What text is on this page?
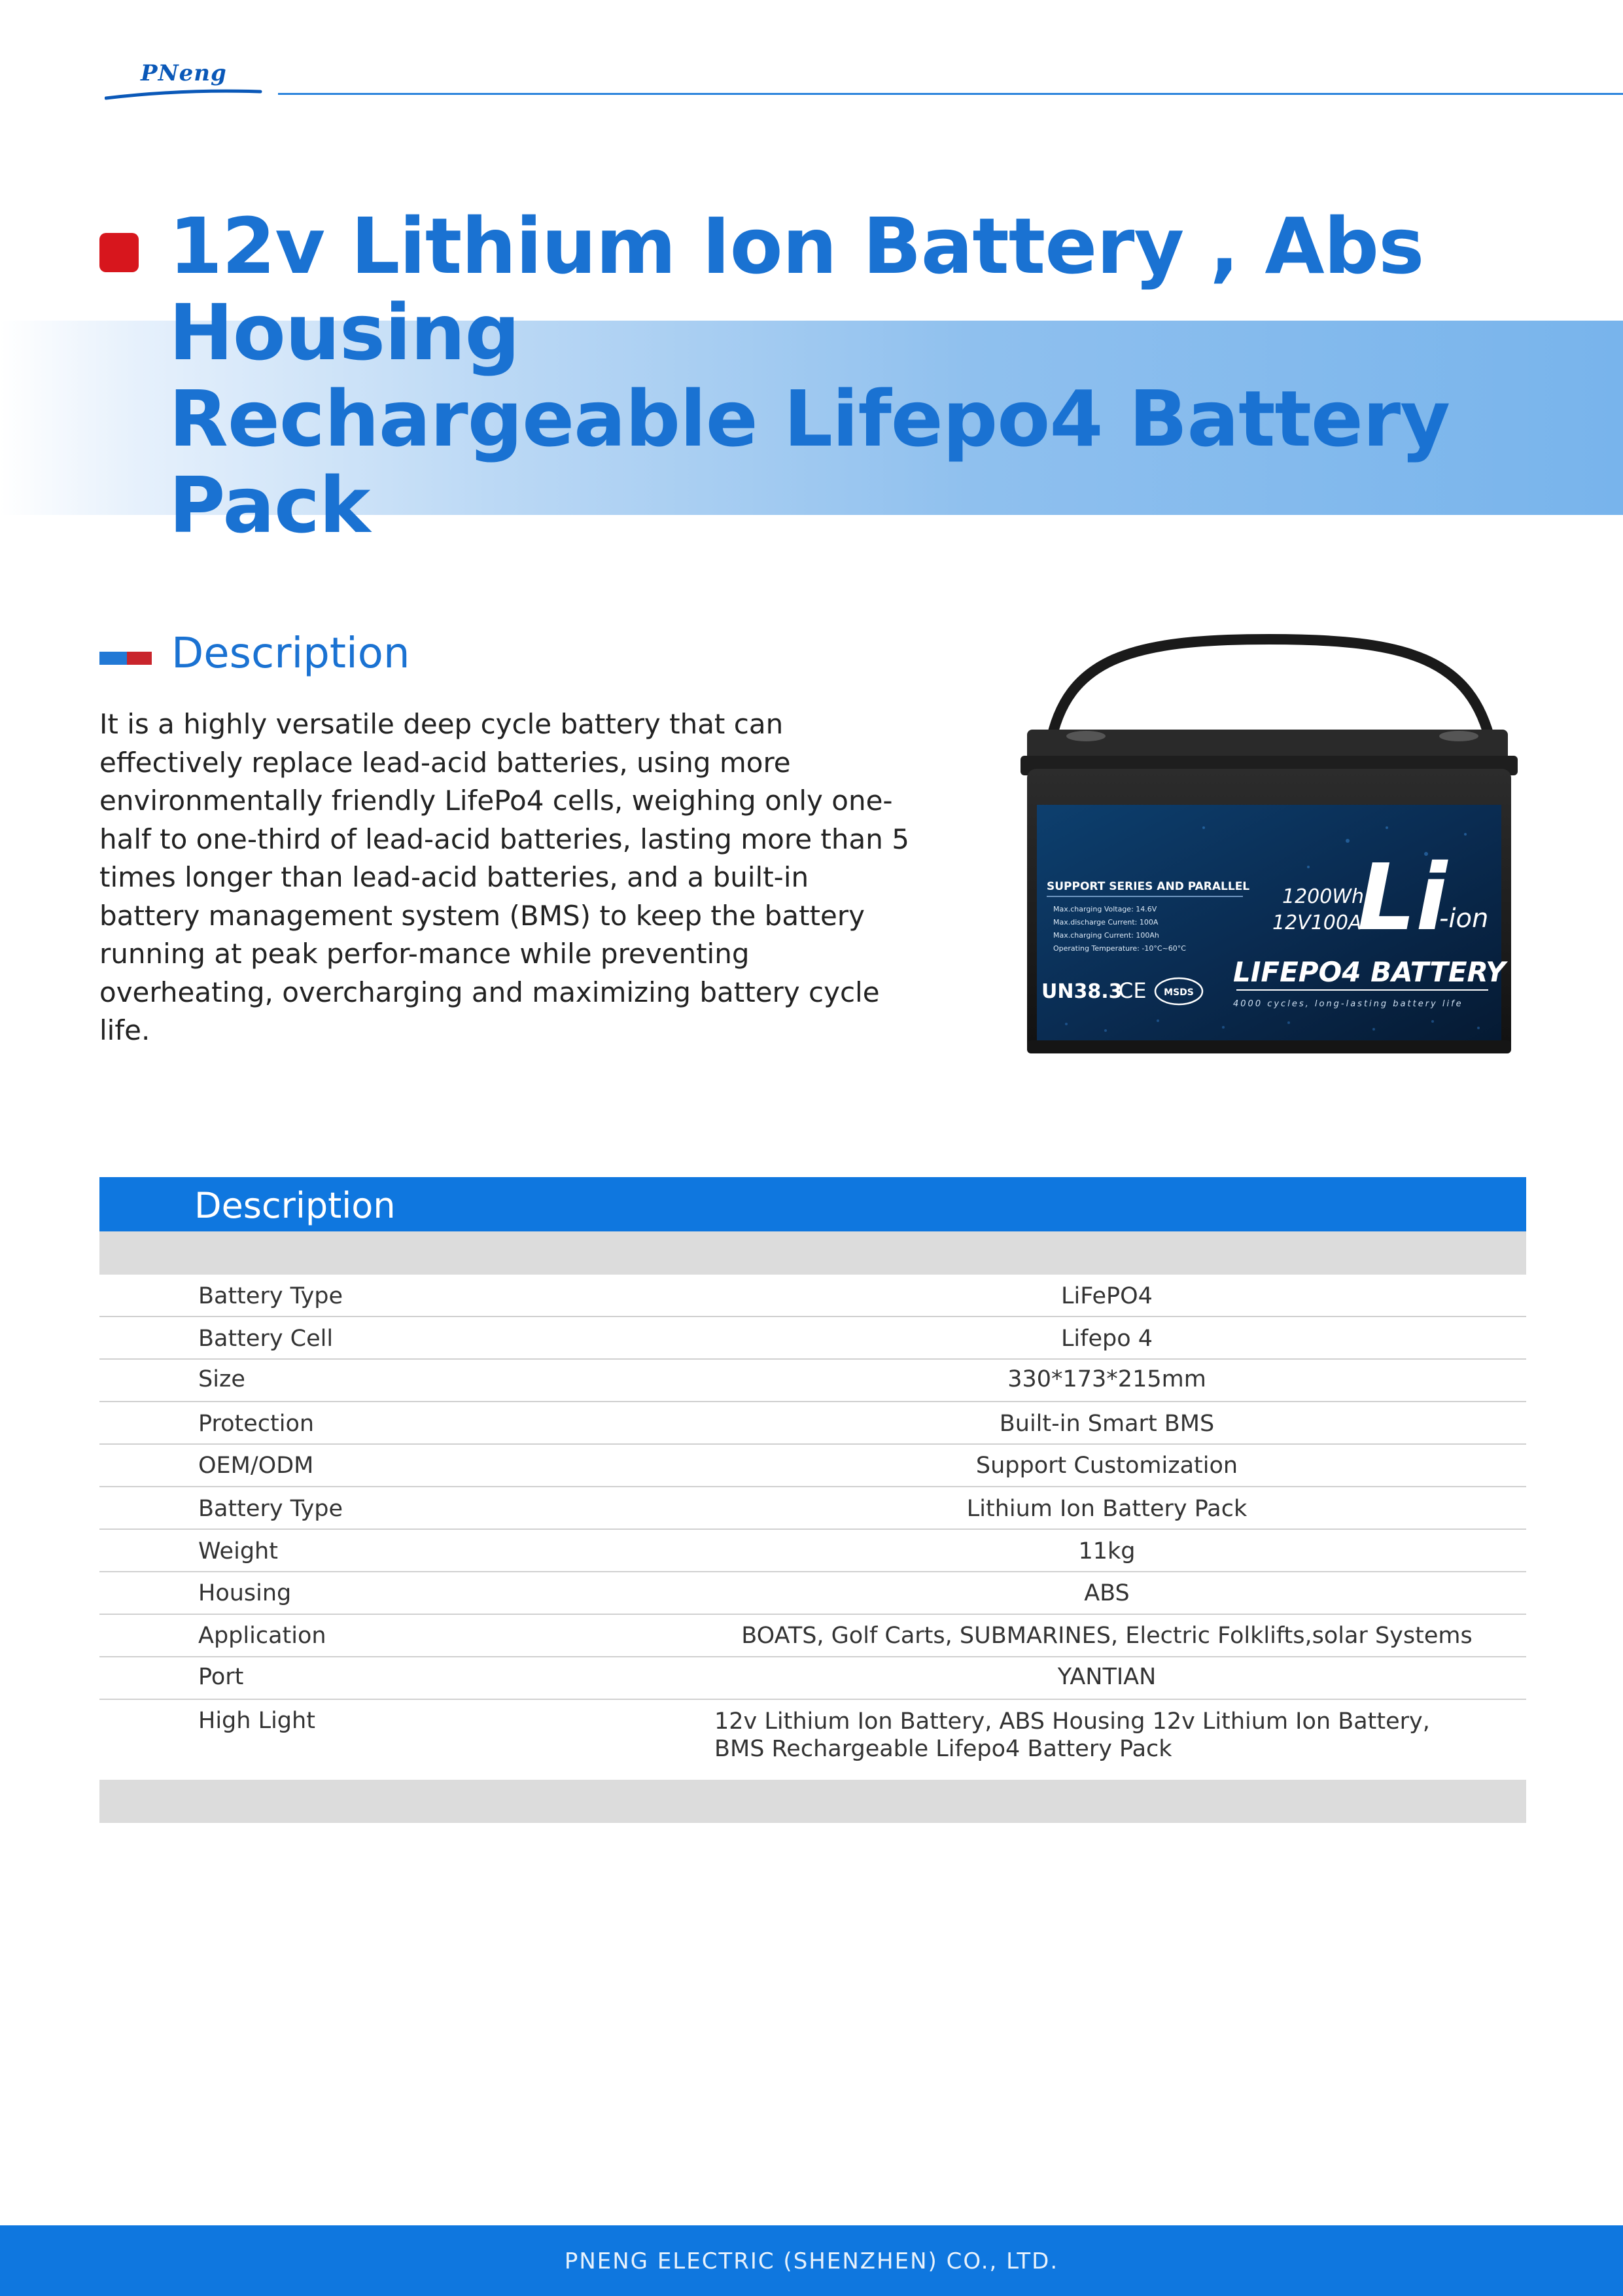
PNeng
12v Lithium Ion Battery , Abs Housing
Rechargeable Lifepo4 Battery Pack
Description
It is a highly versatile deep cycle battery that can effectively replace lead-acid batteries, using more environmentally friendly LifePo4 cells, weighing only one-half to one-third of lead-acid batteries, lasting more than 5 times longer than lead-acid batteries, and a built-in battery management system (BMS) to keep the battery running at peak perfor-mance while preventing overheating, overcharging and maximizing battery cycle life.
SUPPORT SERIES AND PARALLEL
Max.charging Voltage: 14.6V
Max.discharge Current: 100A
Max.charging Current: 100Ah
Operating Temperature: -10°C~60°C
1200Wh
12V100Ah
Li
-ion
LIFEPO4 BATTERY
UN38.3
CE MSDS
4000 cycles, long-lasting battery life
Description
Battery Type	LiFePO4
Battery Cell	Lifepo 4
Size	330*173*215mm
Protection	Built-in Smart BMS
OEM/ODM	Support Customization
Battery Type	Lithium Ion Battery Pack
Weight	11kg
Housing	ABS
Application	BOATS, Golf Carts, SUBMARINES, Electric Folklifts,solar Systems
Port	YANTIAN
High Light	12v Lithium Ion Battery, ABS Housing 12v Lithium Ion Battery,
BMS Rechargeable Lifepo4 Battery Pack
PNENG ELECTRIC (SHENZHEN) CO., LTD.
